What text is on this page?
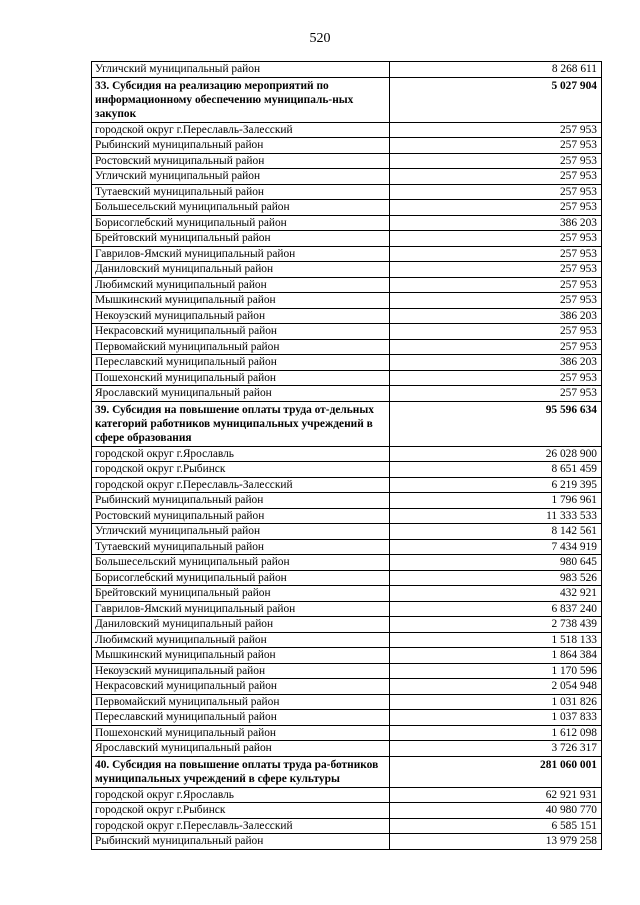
520
Угличский муниципальный район	8 268 611
33. Субсидия на реализацию мероприятий по информационному обеспечению муниципаль-ных закупок	5 027 904
городской округ г.Переславль-Залесский	257 953
Рыбинский муниципальный район	257 953
Ростовский муниципальный район	257 953
Угличский муниципальный район	257 953
Тутаевский муниципальный район	257 953
Большесельский муниципальный район	257 953
Борисоглебский муниципальный район	386 203
Брейтовский муниципальный район	257 953
Гаврилов-Ямский муниципальный район	257 953
Даниловский муниципальный район	257 953
Любимский муниципальный район	257 953
Мышкинский муниципальный район	257 953
Некоузский муниципальный район	386 203
Некрасовский муниципальный район	257 953
Первомайский муниципальный район	257 953
Переславский муниципальный район	386 203
Пошехонский муниципальный район	257 953
Ярославский муниципальный район	257 953
39. Субсидия на повышение оплаты труда от-дельных категорий работников муниципальных учреждений в сфере образования	95 596 634
городской округ г.Ярославль	26 028 900
городской округ г.Рыбинск	8 651 459
городской округ г.Переславль-Залесский	6 219 395
Рыбинский муниципальный район	1 796 961
Ростовский муниципальный район	11 333 533
Угличский муниципальный район	8 142 561
Тутаевский муниципальный район	7 434 919
Большесельский муниципальный район	980 645
Борисоглебский муниципальный район	983 526
Брейтовский муниципальный район	432 921
Гаврилов-Ямский муниципальный район	6 837 240
Даниловский муниципальный район	2 738 439
Любимский муниципальный район	1 518 133
Мышкинский муниципальный район	1 864 384
Некоузский муниципальный район	1 170 596
Некрасовский муниципальный район	2 054 948
Первомайский муниципальный район	1 031 826
Переславский муниципальный район	1 037 833
Пошехонский муниципальный район	1 612 098
Ярославский муниципальный район	3 726 317
40. Субсидия на повышение оплаты труда ра-ботников муниципальных учреждений в сфере культуры	281 060 001
городской округ г.Ярославль	62 921 931
городской округ г.Рыбинск	40 980 770
городской округ г.Переславль-Залесский	6 585 151
Рыбинский муниципальный район	13 979 258
